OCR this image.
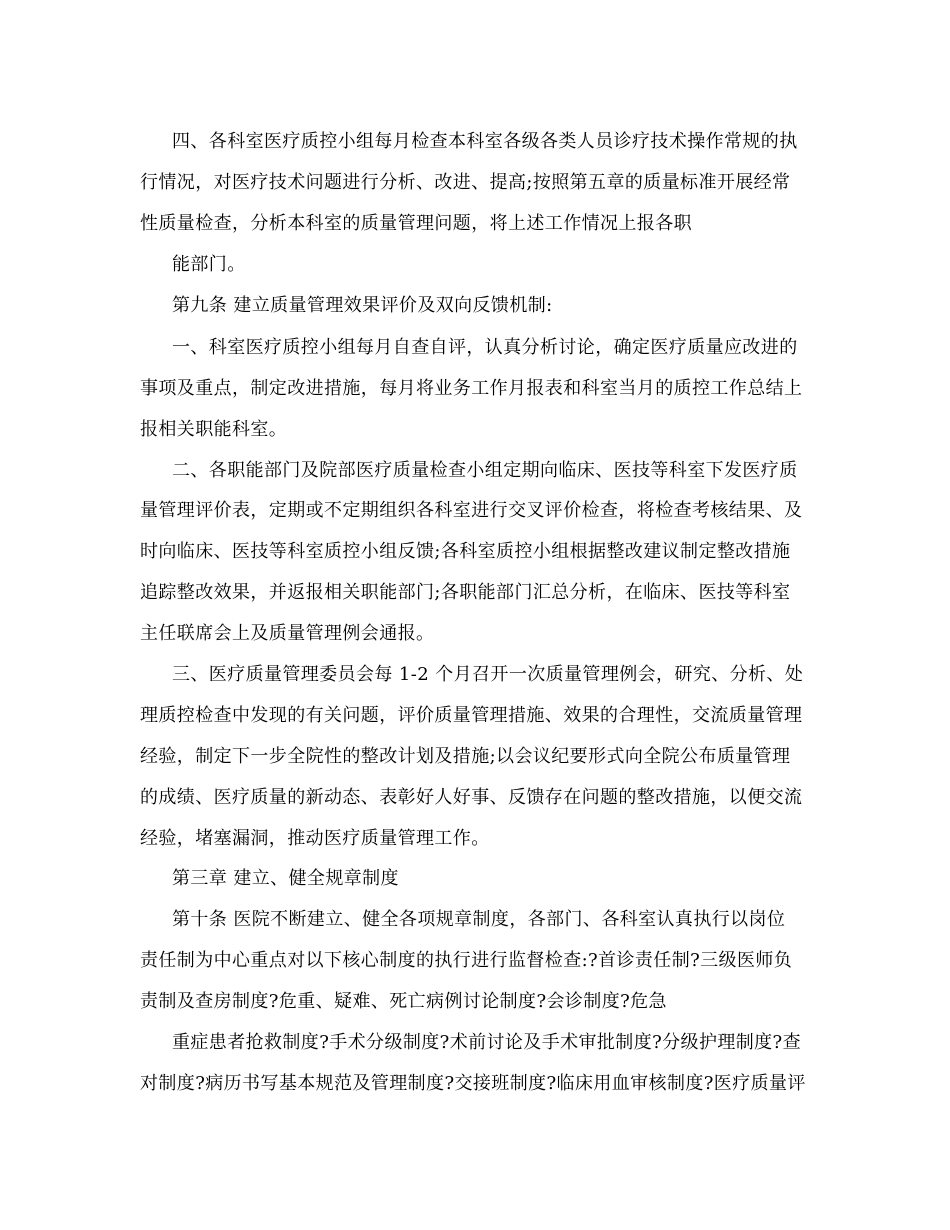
四、各科室医疗质控小组每月检查本科室各级各类人员诊疗技术操作常规的执
行情况，对医疗技术问题进行分析、改进、提高;按照第五章的质量标准开展经常
性质量检查，分析本科室的质量管理问题，将上述工作情况上报各职
能部门。
第九条 建立质量管理效果评价及双向反馈机制:
一、科室医疗质控小组每月自查自评，认真分析讨论，确定医疗质量应改进的
事项及重点，制定改进措施，每月将业务工作月报表和科室当月的质控工作总结上
报相关职能科室。
二、各职能部门及院部医疗质量检查小组定期向临床、医技等科室下发医疗质
量管理评价表，定期或不定期组织各科室进行交叉评价检查，将检查考核结果、及
时向临床、医技等科室质控小组反馈;各科室质控小组根据整改建议制定整改措施
追踪整改效果，并返报相关职能部门;各职能部门汇总分析，在临床、医技等科室
主任联席会上及质量管理例会通报。
三、医疗质量管理委员会每 1-2 个月召开一次质量管理例会，研究、分析、处
理质控检查中发现的有关问题，评价质量管理措施、效果的合理性，交流质量管理
经验，制定下一步全院性的整改计划及措施;以会议纪要形式向全院公布质量管理
的成绩、医疗质量的新动态、表彰好人好事、反馈存在问题的整改措施，以便交流
经验，堵塞漏洞，推动医疗质量管理工作。
第三章 建立、健全规章制度
第十条 医院不断建立、健全各项规章制度，各部门、各科室认真执行以岗位
责任制为中心重点对以下核心制度的执行进行监督检查:?首诊责任制?三级医师负
责制及查房制度?危重、疑难、死亡病例讨论制度?会诊制度?危急
重症患者抢救制度?手术分级制度?术前讨论及手术审批制度?分级护理制度?查
对制度?病历书写基本规范及管理制度?交接班制度?临床用血审核制度?医疗质量评
